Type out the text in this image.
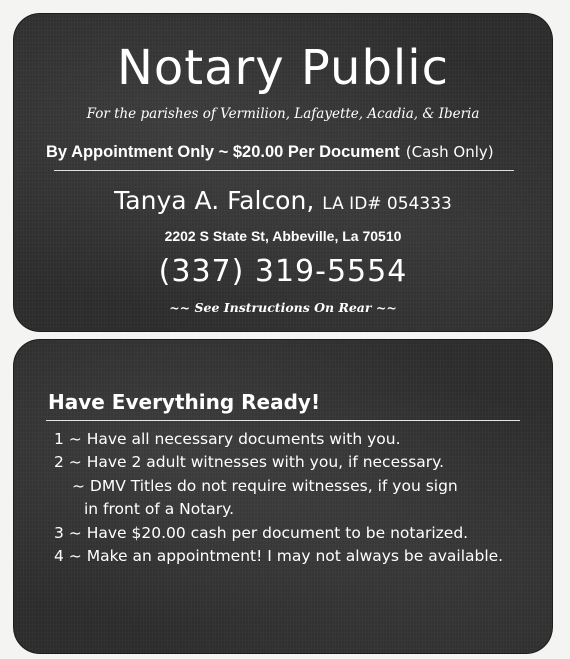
Notary Public
For the parishes of Vermilion, Lafayette, Acadia, & Iberia
By Appointment Only ~ $20.00 Per Document (Cash Only)
Tanya A. Falcon, LA ID# 054333
2202 S State St, Abbeville, La 70510
(337) 319-5554
~~ See Instructions On Rear ~~
Have Everything Ready!
1 ~ Have all necessary documents with you.
2 ~ Have 2 adult witnesses with you, if necessary.
~ DMV Titles do not require witnesses, if you sign
in front of a Notary.
3 ~ Have $20.00 cash per document to be notarized.
4 ~ Make an appointment! I may not always be available.
